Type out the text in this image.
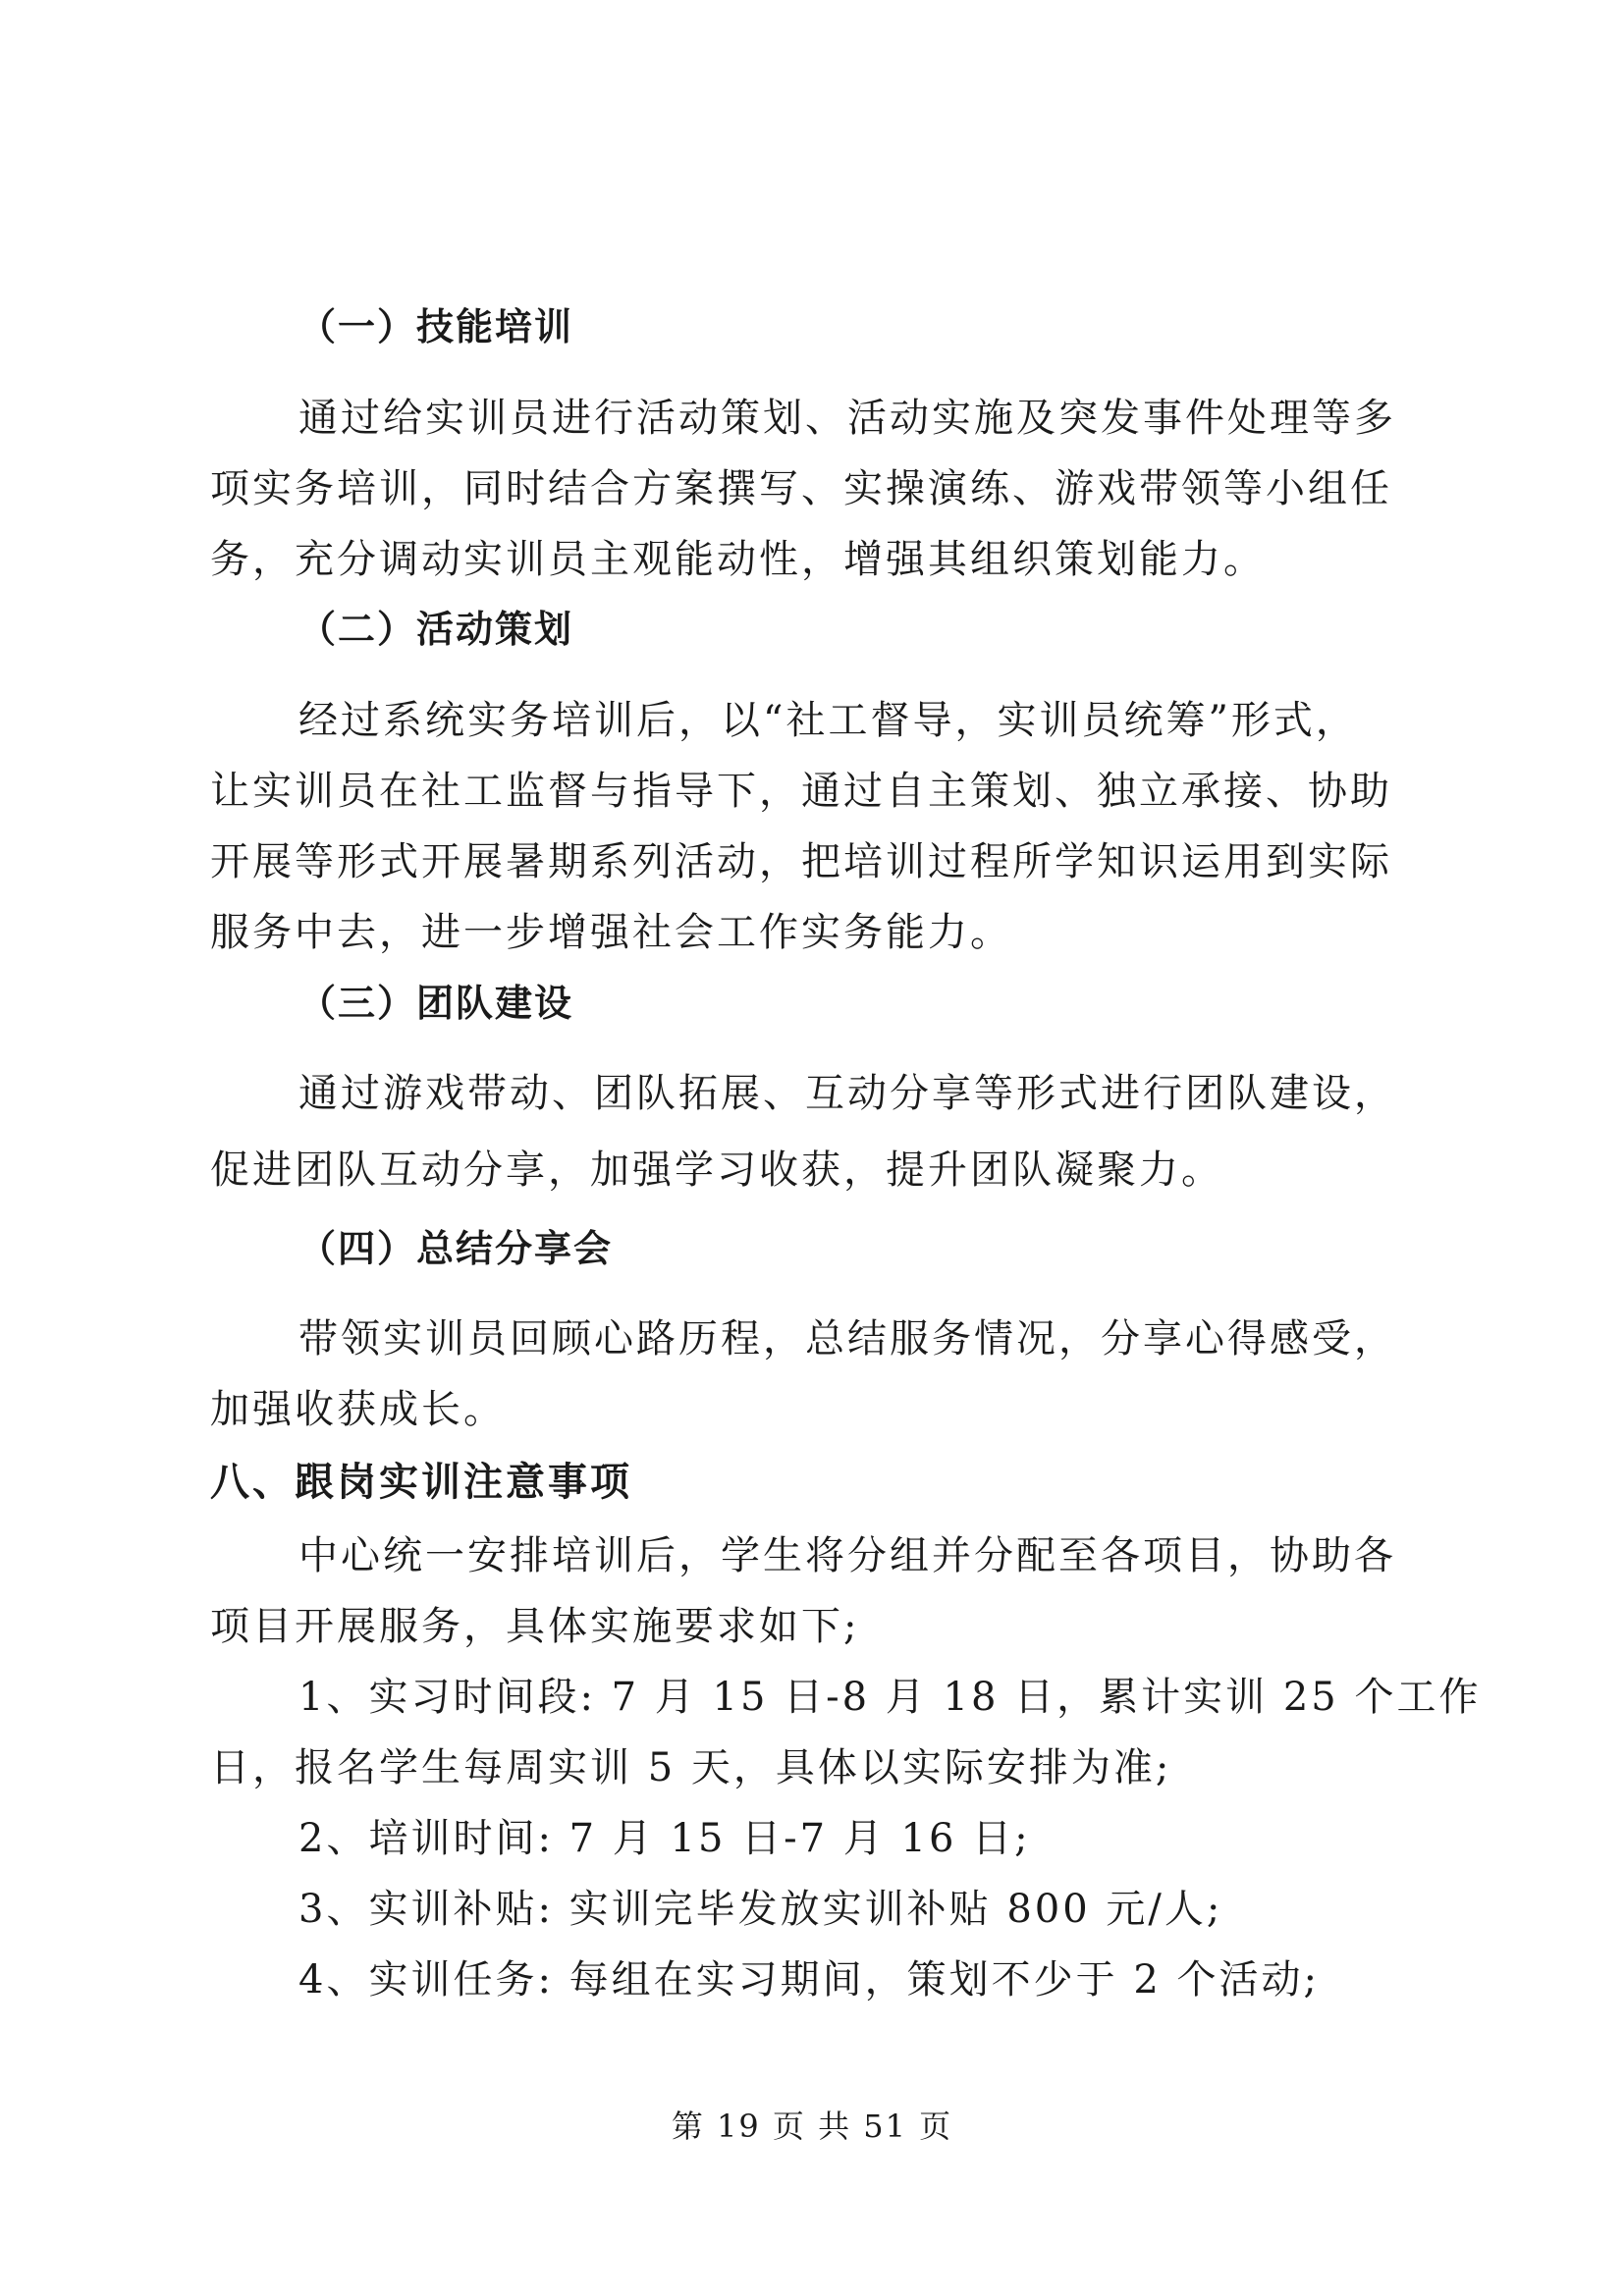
（一）技能培训
通过给实训员进行活动策划、活动实施及突发事件处理等多
项实务培训，同时结合方案撰写、实操演练、游戏带领等小组任
务，充分调动实训员主观能动性，增强其组织策划能力。
（二）活动策划
经过系统实务培训后，以“社工督导，实训员统筹”形式，
让实训员在社工监督与指导下，通过自主策划、独立承接、协助
开展等形式开展暑期系列活动，把培训过程所学知识运用到实际
服务中去，进一步增强社会工作实务能力。
（三）团队建设
通过游戏带动、团队拓展、互动分享等形式进行团队建设，
促进团队互动分享，加强学习收获，提升团队凝聚力。
（四）总结分享会
带领实训员回顾心路历程，总结服务情况，分享心得感受，
加强收获成长。
八、跟岗实训注意事项
中心统一安排培训后，学生将分组并分配至各项目，协助各
项目开展服务，具体实施要求如下;
1、实习时间段: 7 月 15 日-8 月 18 日，累计实训 25 个工作
日，报名学生每周实训 5 天，具体以实际安排为准;
2、培训时间: 7 月 15 日-7 月 16 日;
3、实训补贴: 实训完毕发放实训补贴 800 元/人;
4、实训任务: 每组在实习期间，策划不少于 2 个活动;
第 19 页 共 51 页
